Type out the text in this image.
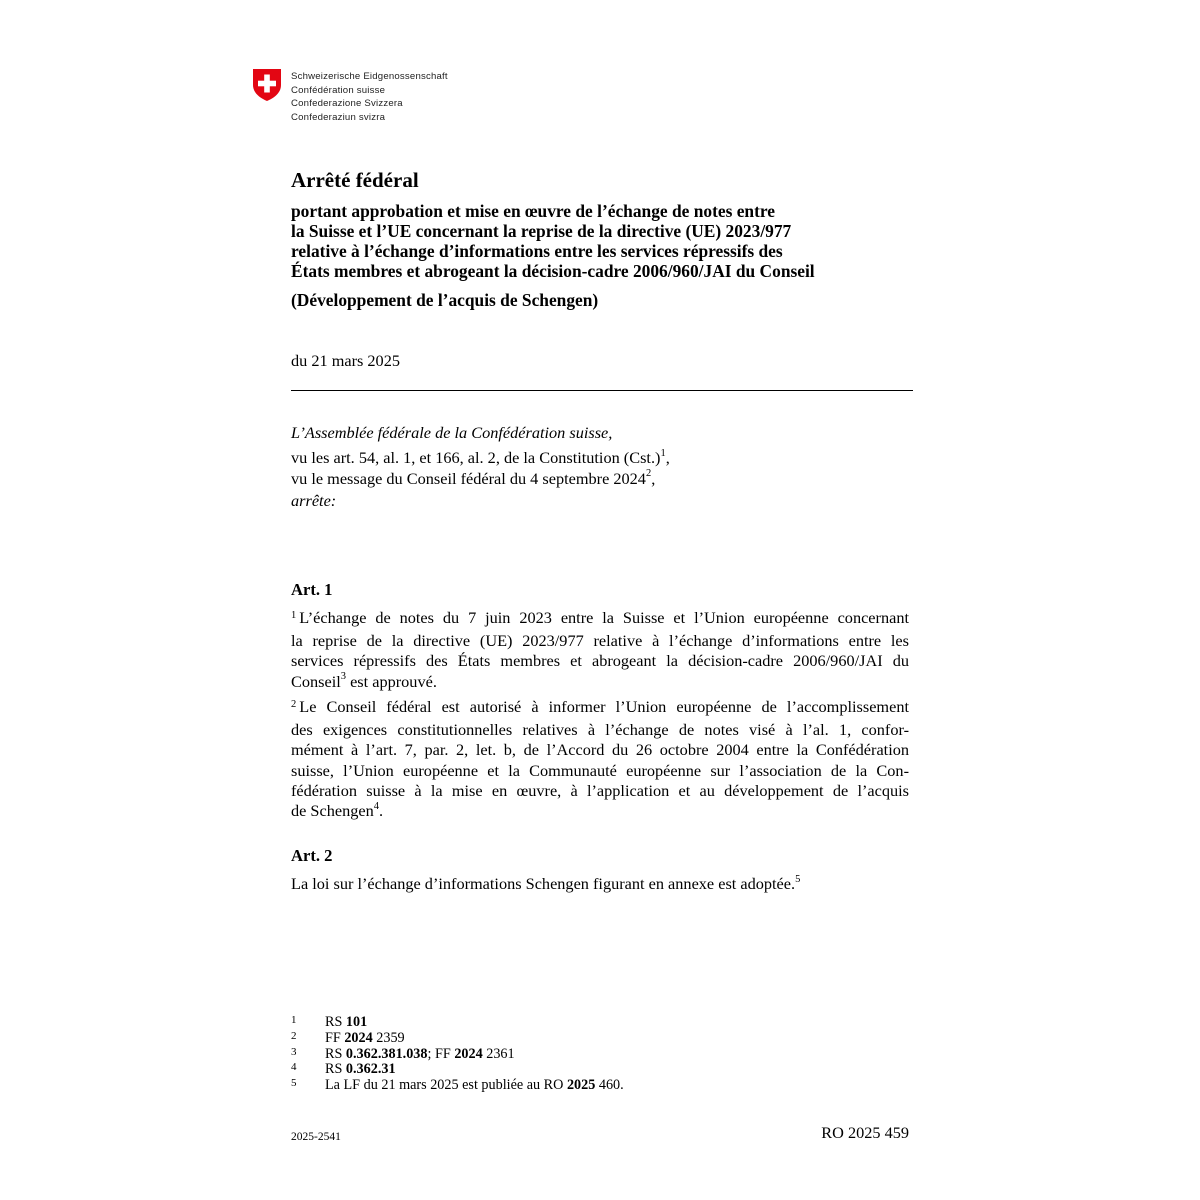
Schweizerische Eidgenossenschaft
Confédération suisse
Confederazione Svizzera
Confederaziun svizra
Arrêté fédéral
portant approbation et mise en œuvre de l’échange de notes entre
la Suisse et l’UE concernant la reprise de la directive (UE) 2023/977
relative à l’échange d’informations entre les services répressifs des
États membres et abrogeant la décision-cadre 2006/960/JAI du Conseil
(Développement de l’acquis de Schengen)
du 21 mars 2025
L’Assemblée fédérale de la Confédération suisse,
vu les art. 54, al. 1, et 166, al. 2, de la Constitution $(Cst.)^1$,
vu le message du Conseil fédéral du 4 septembre 2024$^2$,
arrête:
Art. 1
$^1$ L’échange de notes du 7 juin 2023 entre la Suisse et l’Union européenne concernant
la reprise de la directive (UE) 2023/977 relative à l’échange d’informations entre les
services répressifs des États membres et abrogeant la décision-cadre 2006/960/JAI du
Conseil$^3$ est approuvé.
$^2$ Le Conseil fédéral est autorisé à informer l’Union européenne de l’accomplissement
des exigences constitutionnelles relatives à l’échange de notes visé à l’al. 1, confor-
mément à l’art. 7, par. 2, let. b, de l’Accord du 26 octobre 2004 entre la Confédération
suisse, l’Union européenne et la Communauté européenne sur l’association de la Con-
fédération suisse à la mise en œuvre, à l’application et au développement de l’acquis
de Schengen$^4$.
Art. 2
La loi sur l’échange d’informations Schengen figurant en annexe est adoptée.$^5$
1 RS 101
2 FF 2024 2359
3 RS 0.362.381.038; FF 2024 2361
4 RS 0.362.31
5 La LF du 21 mars 2025 est publiée au RO 2025 460.
2025-2541	RO 2025 459
